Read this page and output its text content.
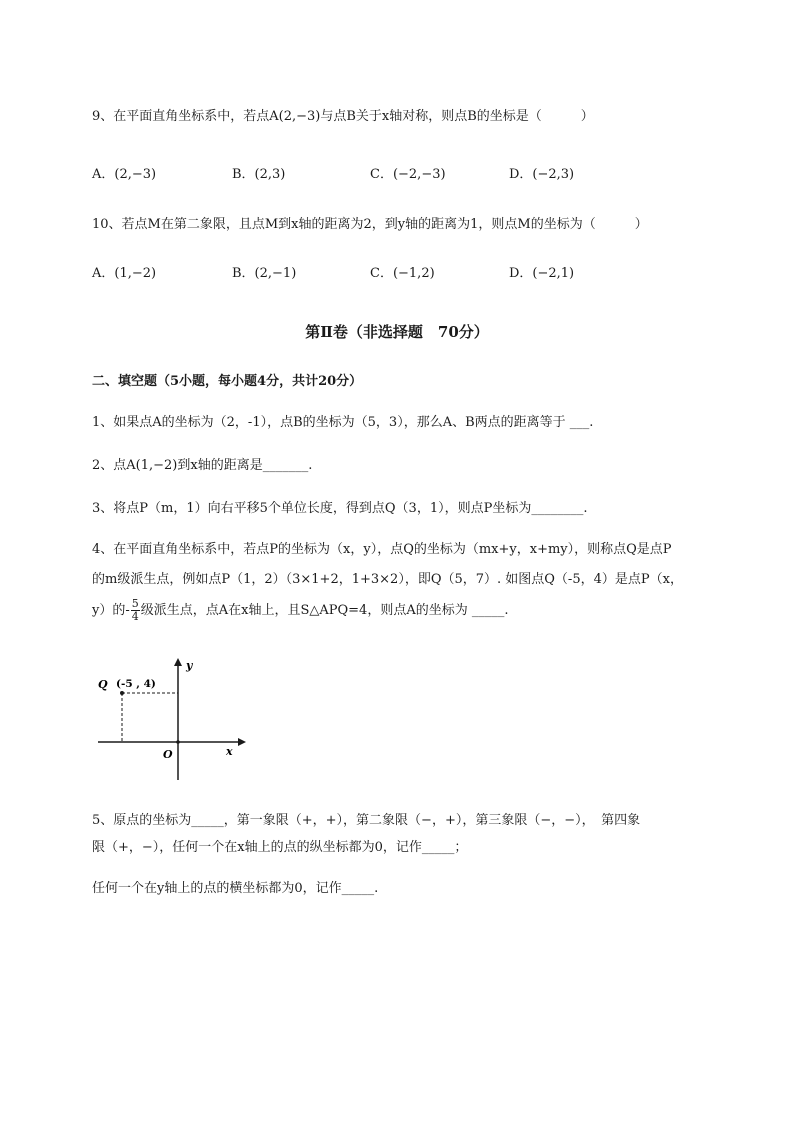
9、在平面直角坐标系中，若点A(2,−3)与点B关于x轴对称，则点B的坐标是（　　　）
A．(2,−3)	B．(2,3)	C．(−2,−3)	D．(−2,3)
10、若点M在第二象限，且点M到x轴的距离为2，到y轴的距离为1，则点M的坐标为（　　　）
A．(1,−2)	B．(2,−1)	C．(−1,2)	D．(−2,1)
第Ⅱ卷（非选择题　70分）
二、填空题（5小题，每小题4分，共计20分）
1、如果点A的坐标为（2，-1），点B的坐标为（5，3），那么A、B两点的距离等于 ___.
2、点A(1,−2)到x轴的距离是_______.
3、将点P（m，1）向右平移5个单位长度，得到点Q（3，1），则点P坐标为________.
4、在平面直角坐标系中，若点P的坐标为（x，y），点Q的坐标为（mx+y，x+my），则称点Q是点P
的m级派生点，例如点P（1，2）（3×1+2，1+3×2），即Q（5，7）. 如图点Q（-5，4）是点P（x，
y）的- $\frac{5}{4}$ 级派生点，点A在x轴上，且S△APQ=4，则点A的坐标为 _____.
Q (-5 , 4)
y
x
O
5、原点的坐标为_____，第一象限（+，+），第二象限（−，+），第三象限（−，−），　第四象
限（+，−），任何一个在x轴上的点的纵坐标都为0，记作_____；
任何一个在y轴上的点的横坐标都为0，记作_____.
